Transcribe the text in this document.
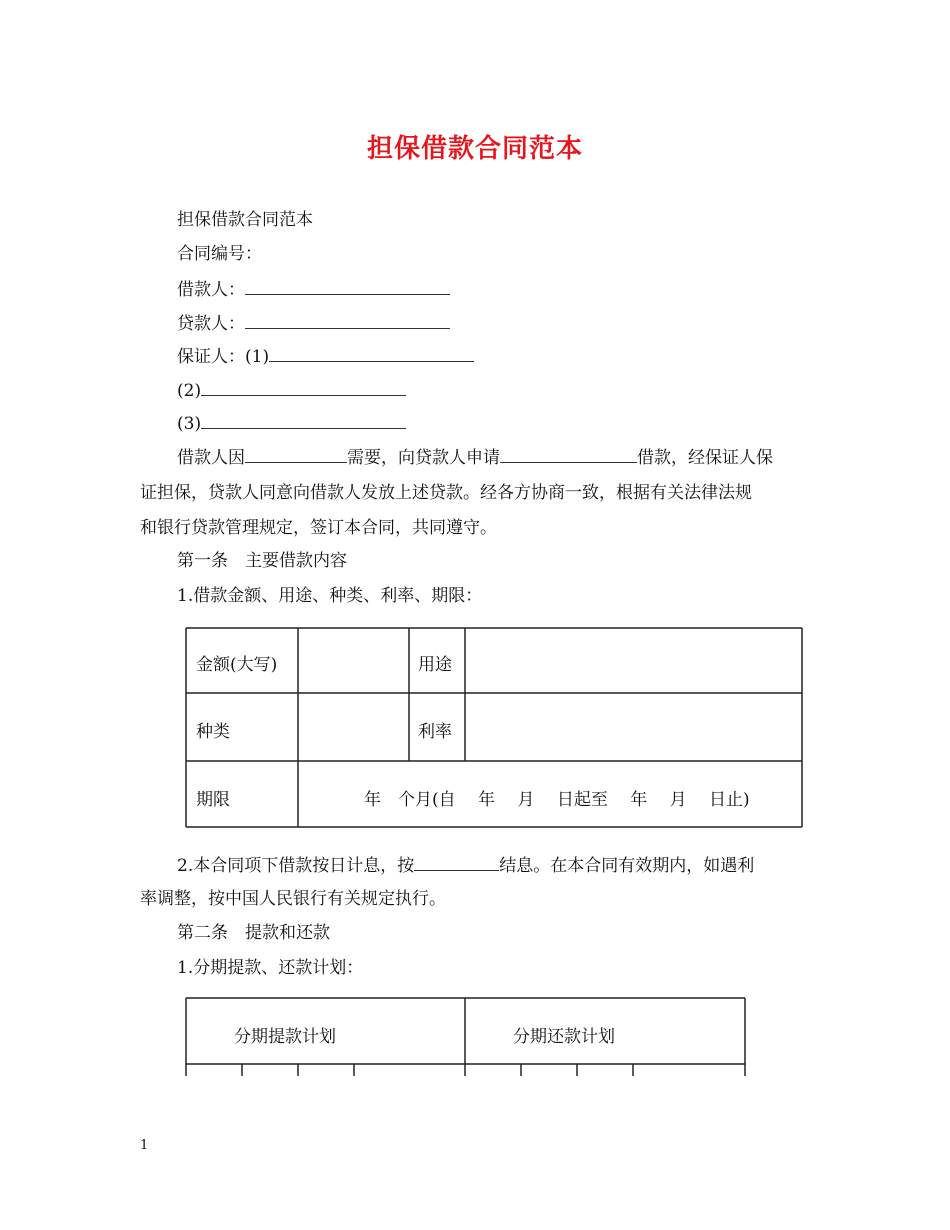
担保借款合同范本
担保借款合同范本
合同编号：
借款人：
贷款人：
保证人：(1)
(2)
(3)
借款人因	需要，向贷款人申请	借款，经保证人保
证担保，贷款人同意向借款人发放上述贷款。经各方协商一致，根据有关法律法规
和银行贷款管理规定，签订本合同，共同遵守。
第一条　主要借款内容
1.借款金额、用途、种类、利率、期限：
金额(大写)	用途
种类	利率
期限	年　个月(自　 年　 月　 日起至　 年　 月　 日止)
2.本合同项下借款按日计息，按	结息。在本合同有效期内，如遇利
率调整，按中国人民银行有关规定执行。
第二条　提款和还款
1.分期提款、还款计划：
分期提款计划	分期还款计划
1
